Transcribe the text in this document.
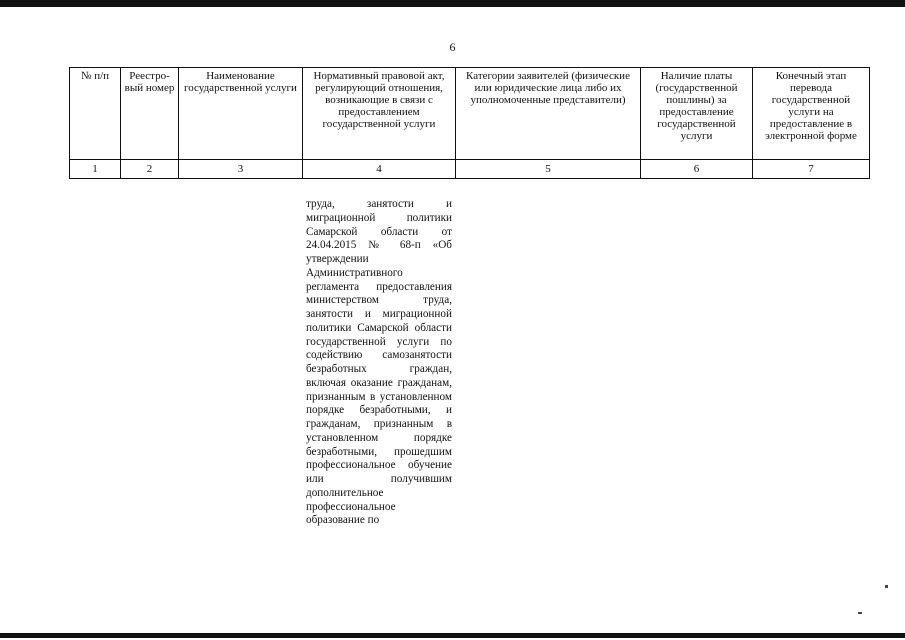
6
№ п/п	Реестро-вый номер	Наименование государственной услуги	Нормативный правовой акт, регулирующий отношения, возникающие в связи с предоставлением государственной услуги	Категории заявителей (физические или юридические лица либо их уполномоченные представители)	Наличие платы (государственной пошлины) за предоставление государственной услуги	Конечный этап перевода государственной услуги на предоставление в электронной форме
1	2	3	4	5	6	7
труда, занятости и миграционной политики Самарской области от 24.04.2015 № 68-п «Об утверждении Административного регламента предоставления министерством труда, занятости и миграционной политики Самарской области государственной услуги по содействию самозанятости безработных граждан, включая оказание гражданам, признанным в установленном порядке безработными, и гражданам, признанным в установленном порядке безработными, прошедшим профессиональное обучение или получившим дополнительное профессиональное образование по
